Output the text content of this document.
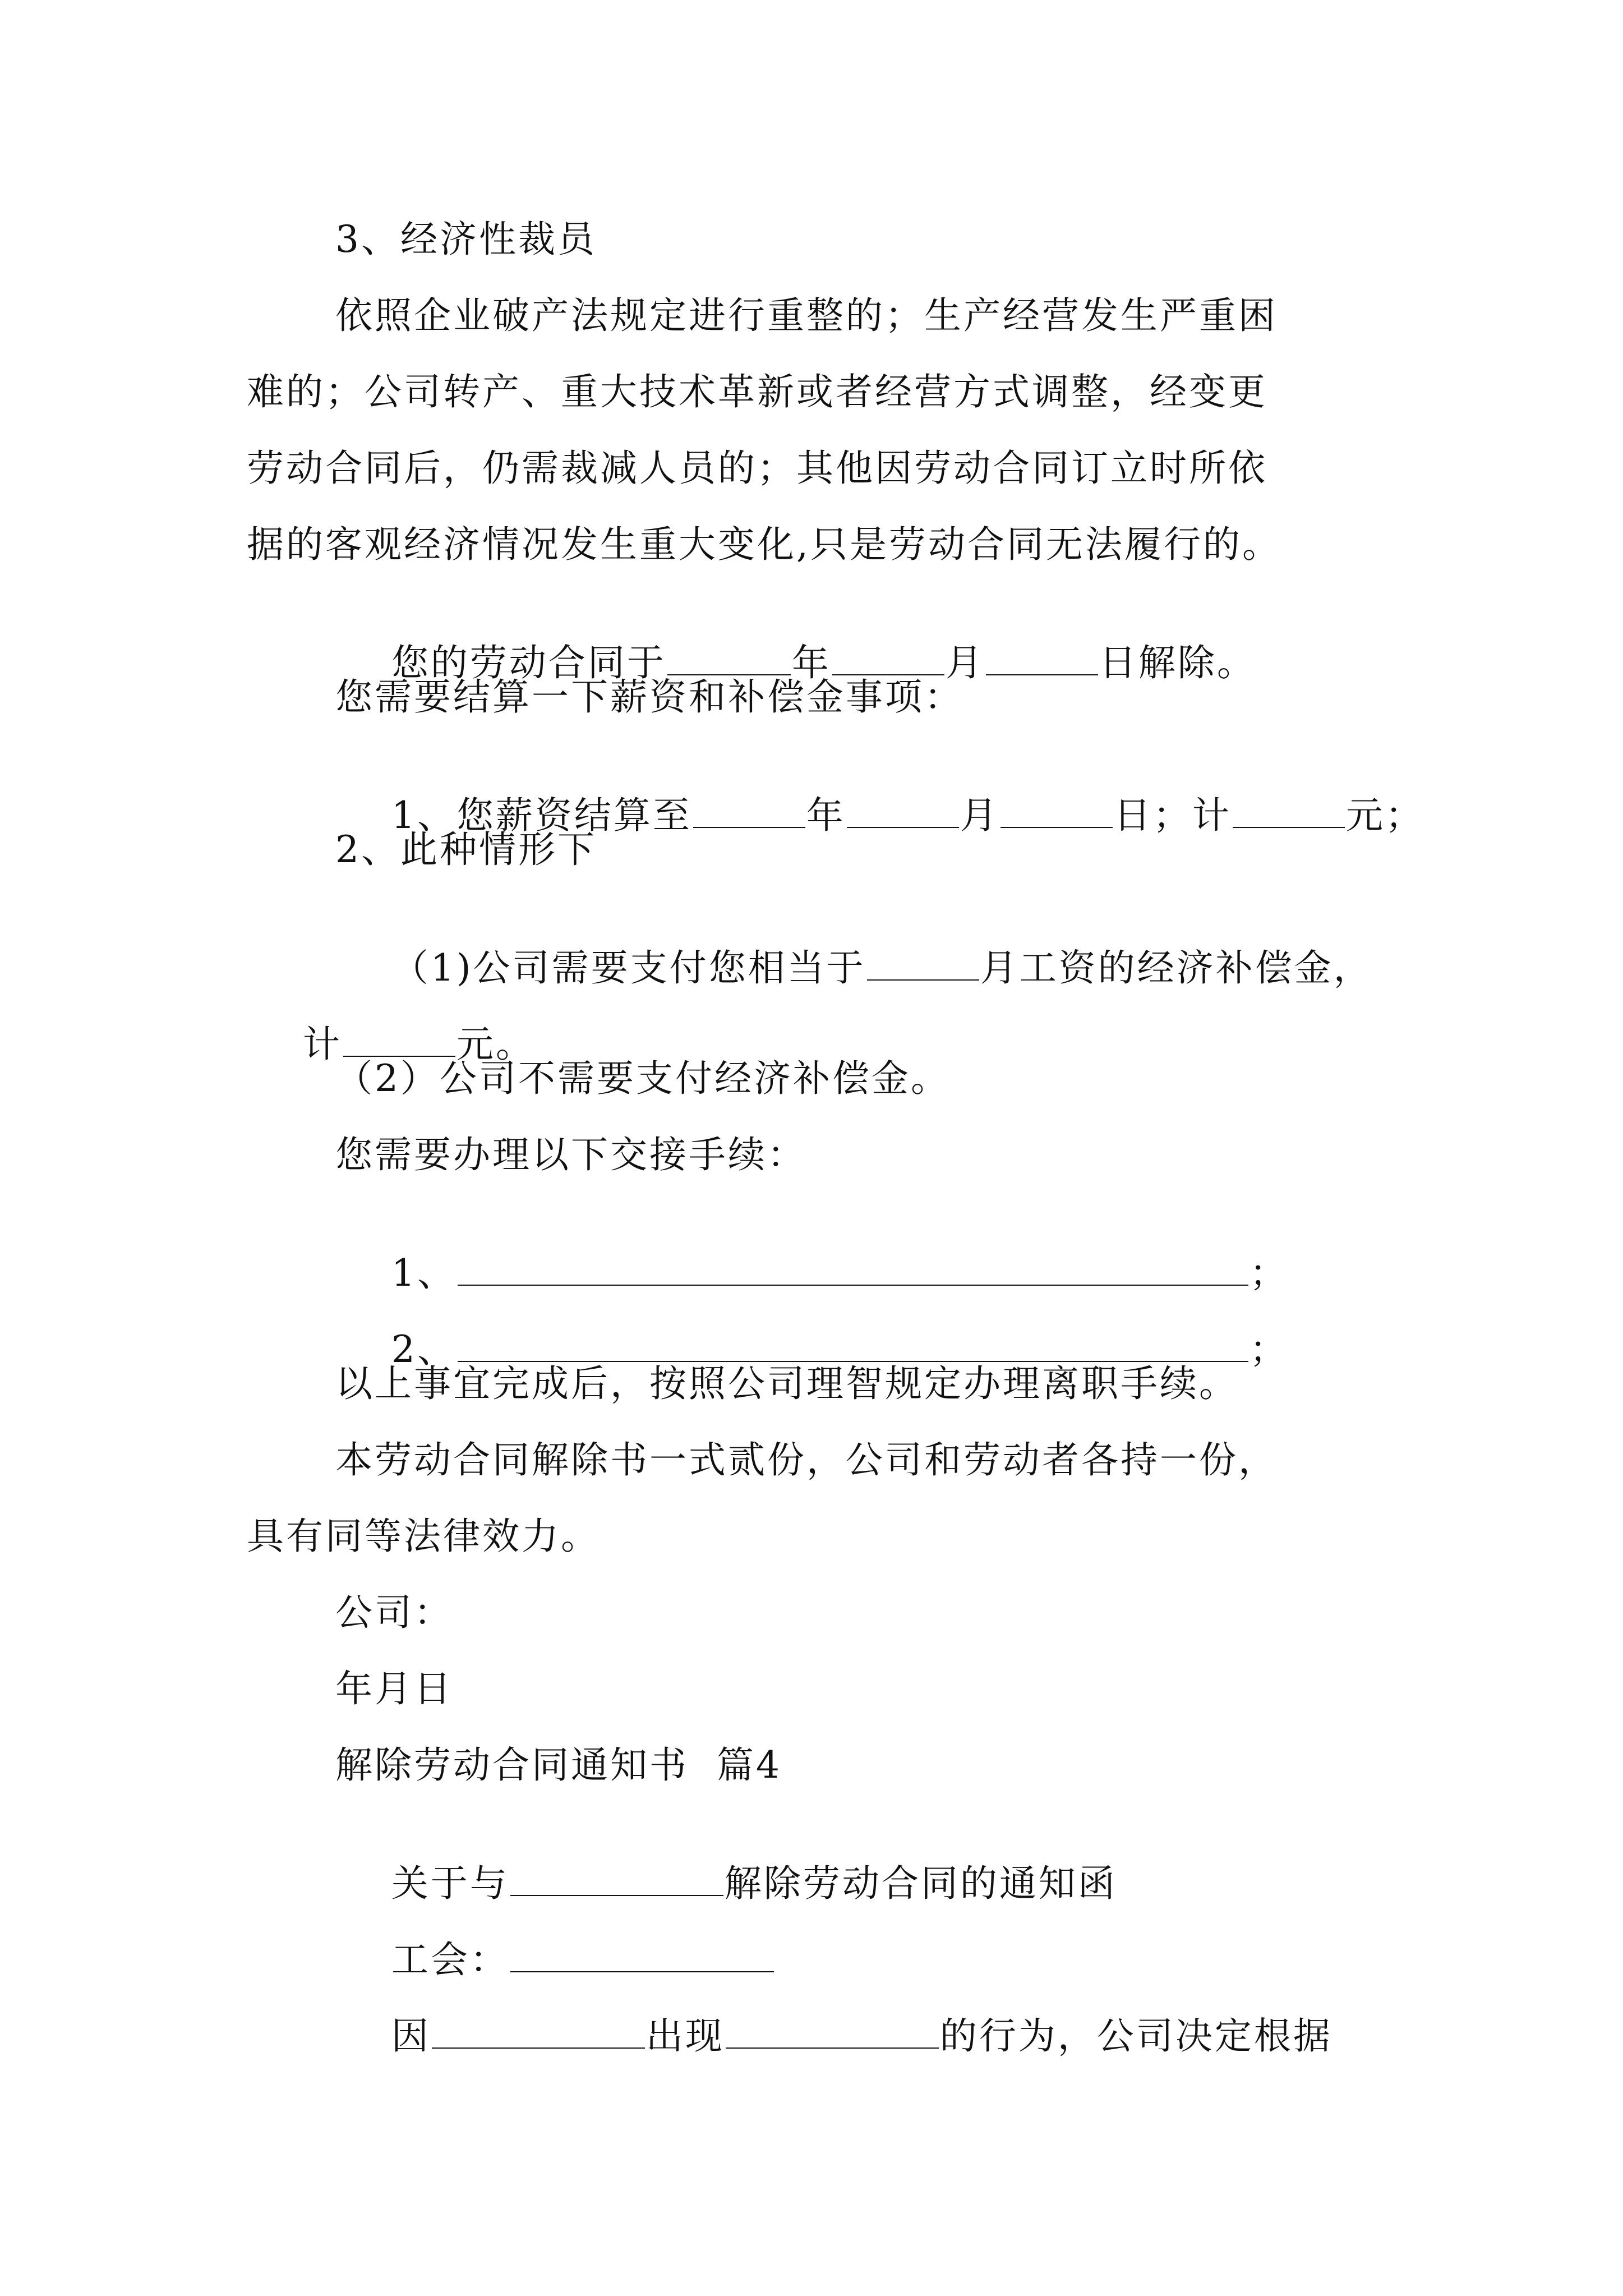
3、经济性裁员
依照企业破产法规定进行重整的；生产经营发生严重困
难的；公司转产、重大技术革新或者经营方式调整，经变更
劳动合同后，仍需裁减人员的；其他因劳动合同订立时所依
据的客观经济情况发生重大变化,只是劳动合同无法履行的。

您的劳动合同于	年	月	日解除。

您需要结算一下薪资和补偿金事项：

1、您薪资结算至	年	月	日；计	元；

2、此种情形下

（1)公司需要支付您相当于	月工资的经济补偿金，

计	元。

（2）公司不需要支付经济补偿金。
您需要办理以下交接手续：

1、	；

2、	；

以上事宜完成后，按照公司理智规定办理离职手续。
本劳动合同解除书一式贰份，公司和劳动者各持一份，
具有同等法律效力。
公司：
年月日
解除劳动合同通知书  篇4

关于与	解除劳动合同的通知函

工会：

因	出现	的行为，公司决定根据
